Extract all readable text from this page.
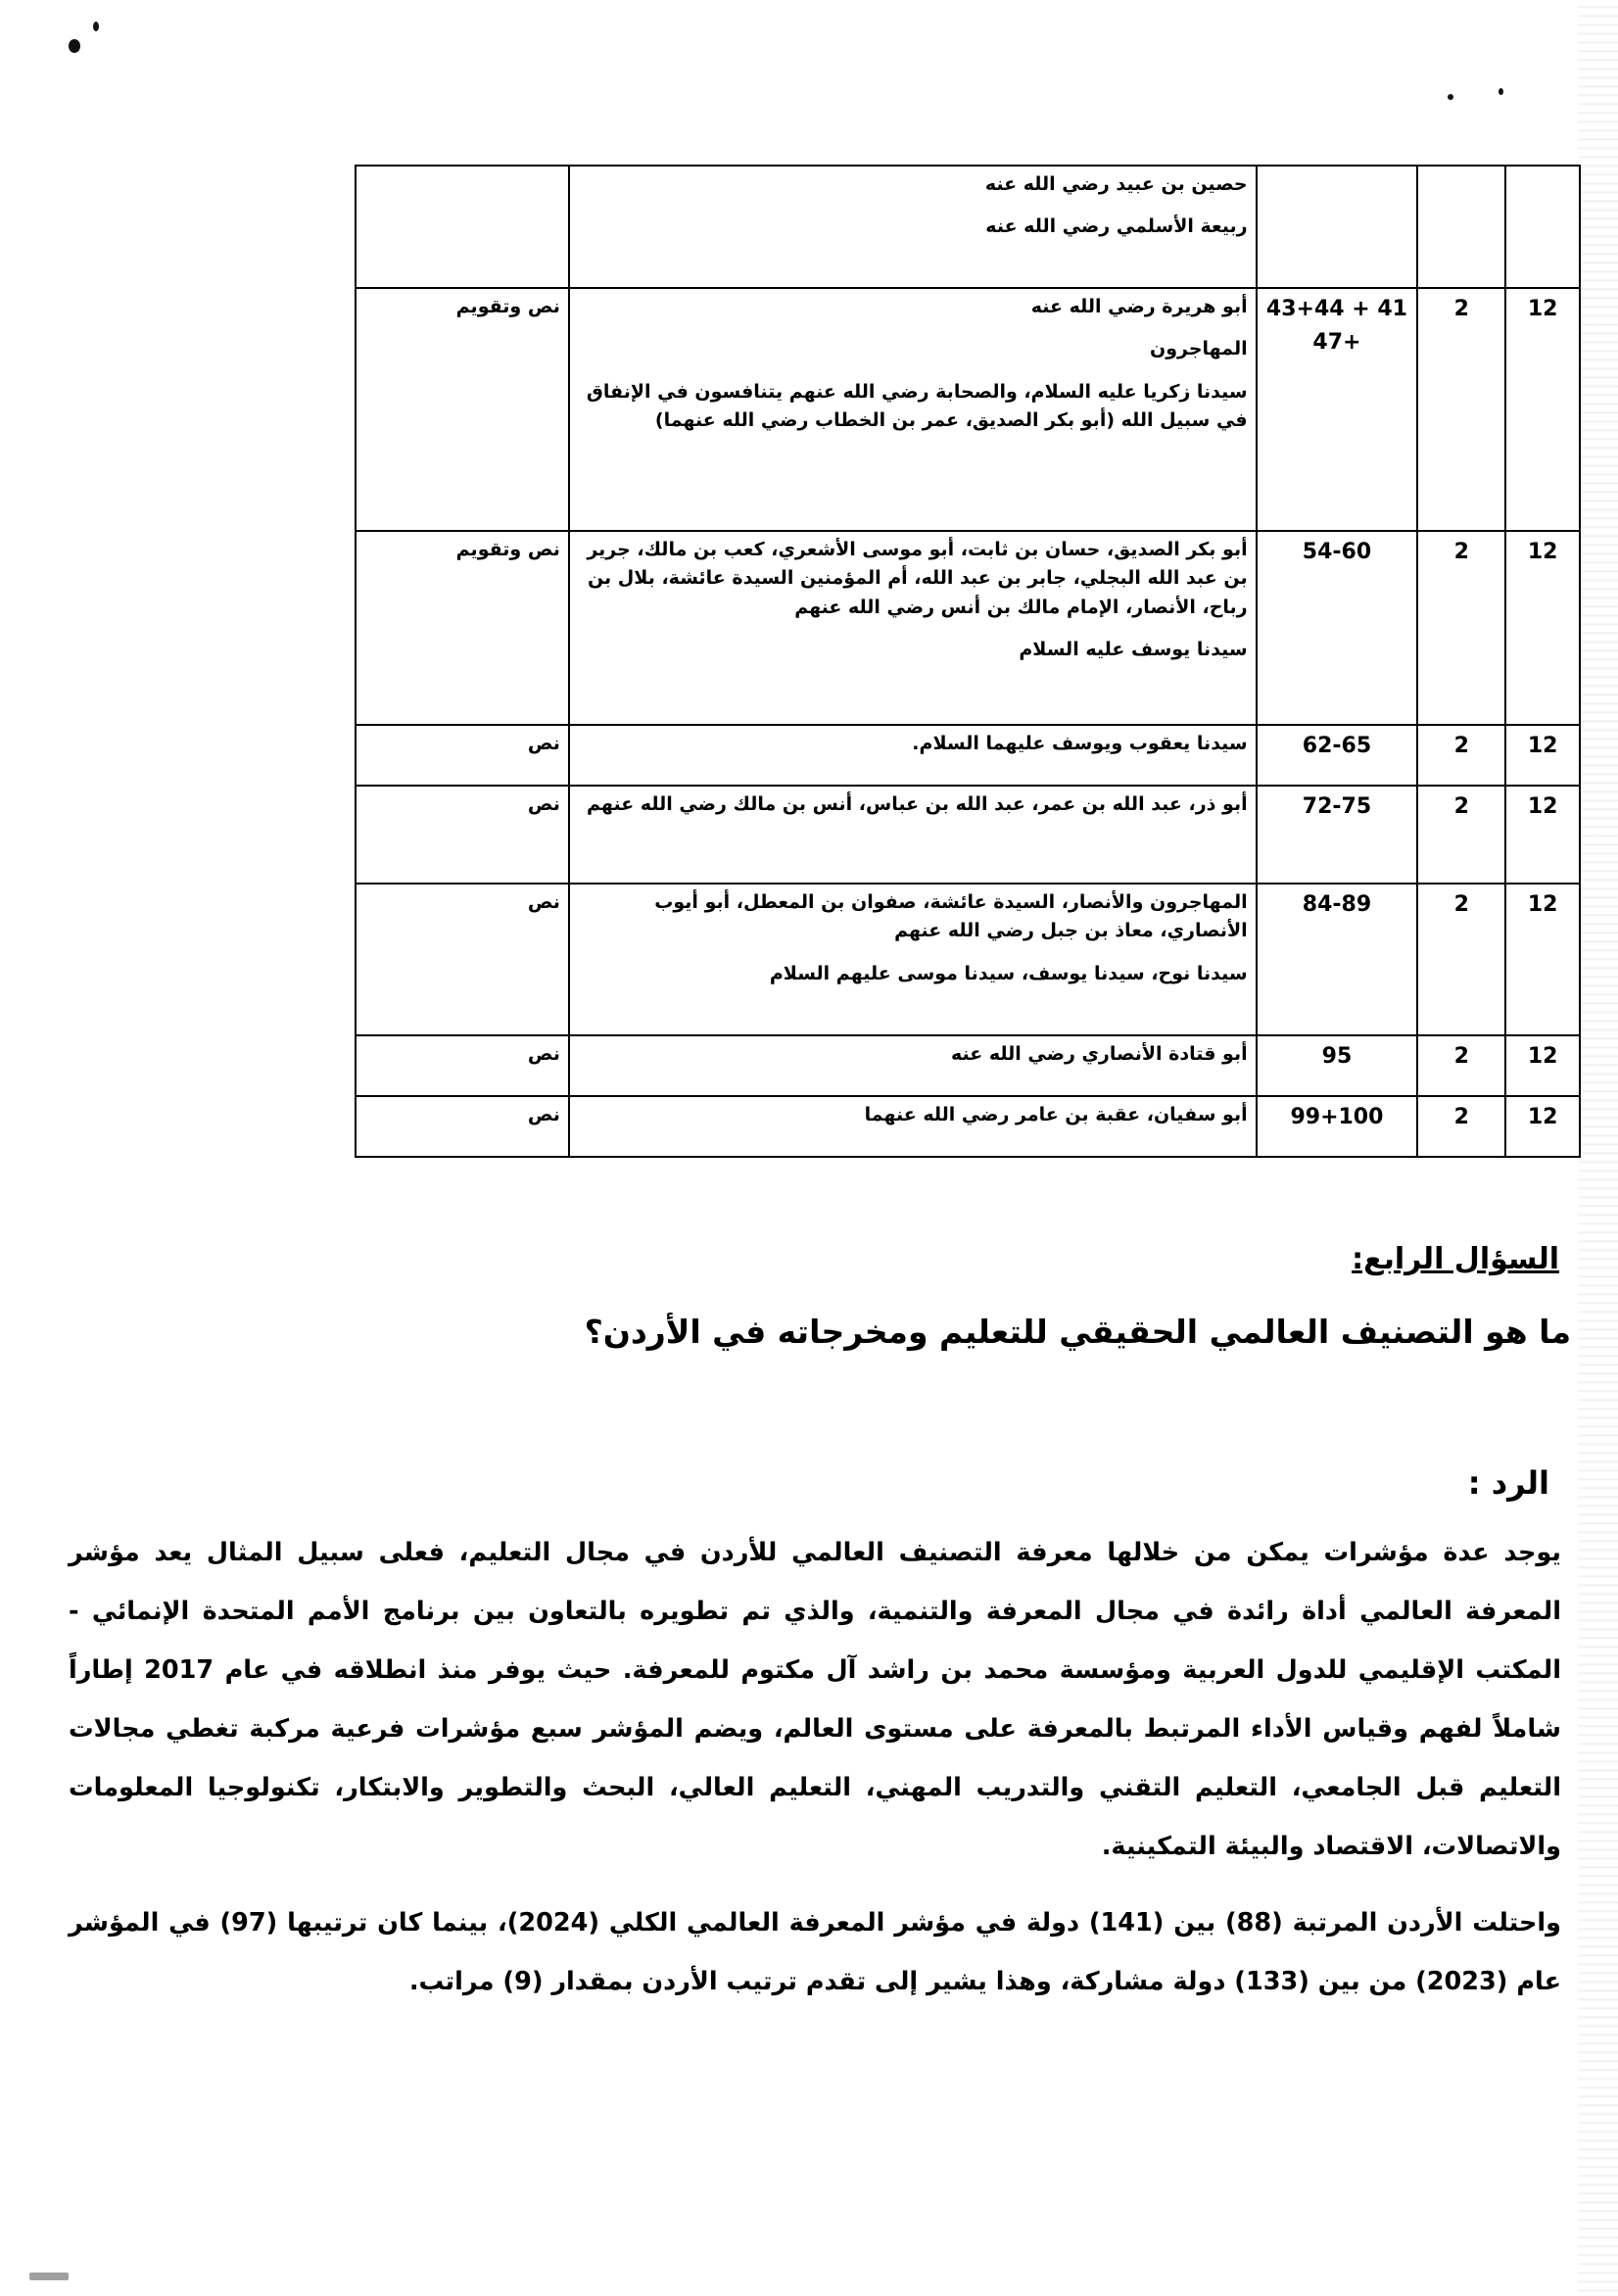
			حصين بن عبيد رضي الله عنه
ربيعة الأسلمي رضي الله عنه	

12	2	41 + 43+44 +47	أبو هريرة رضي الله عنه
المهاجرون
سيدنا زكريا عليه السلام، والصحابة رضي الله عنهم يتنافسون في الإنفاق في سبيل الله (أبو بكر الصديق، عمر بن الخطاب رضي الله عنهما)	نص وتقويم
12	2	54-60	أبو بكر الصديق، حسان بن ثابت، أبو موسى الأشعري، كعب بن مالك، جرير بن عبد الله البجلي، جابر بن عبد الله، أم المؤمنين السيدة عائشة، بلال بن رباح، الأنصار، الإمام مالك بن أنس رضي الله عنهم
سيدنا يوسف عليه السلام	نص وتقويم
12	2	62-65	سيدنا يعقوب ويوسف عليهما السلام.	نص
12	2	72-75	أبو ذر، عبد الله بن عمر، عبد الله بن عباس، أنس بن مالك رضي الله عنهم	نص
12	2	84-89	المهاجرون والأنصار، السيدة عائشة، صفوان بن المعطل، أبو أيوب الأنصاري، معاذ بن جبل رضي الله عنهم
سيدنا نوح، سيدنا يوسف، سيدنا موسى عليهم السلام	نص
12	2	95	أبو قتادة الأنصاري رضي الله عنه	نص
12	2	99+100	أبو سفيان، عقبة بن عامر رضي الله عنهما	نص
السؤال الرابع:
ما هو التصنيف العالمي الحقيقي للتعليم ومخرجاته في الأردن؟
الرد :

يوجد عدة مؤشرات يمكن من خلالها معرفة التصنيف العالمي للأردن في مجال التعليم، فعلى سبيل المثال يعد مؤشر المعرفة العالمي أداة رائدة في مجال المعرفة والتنمية، والذي تم تطويره بالتعاون بين برنامج الأمم المتحدة الإنمائي - المكتب الإقليمي للدول العربية ومؤسسة محمد بن راشد آل مكتوم للمعرفة. حيث يوفر منذ انطلاقه في عام 2017 إطاراً شاملاً لفهم وقياس الأداء المرتبط بالمعرفة على مستوى العالم، ويضم المؤشر سبع مؤشرات فرعية مركبة تغطي مجالات التعليم قبل الجامعي، التعليم التقني والتدريب المهني، التعليم العالي، البحث والتطوير والابتكار، تكنولوجيا المعلومات والاتصالات، الاقتصاد والبيئة التمكينية.

واحتلت الأردن المرتبة (88) بين (141) دولة في مؤشر المعرفة العالمي الكلي (2024)، بينما كان ترتيبها (97) في المؤشر عام (2023) من بين (133) دولة مشاركة، وهذا يشير إلى تقدم ترتيب الأردن بمقدار (9) مراتب.
